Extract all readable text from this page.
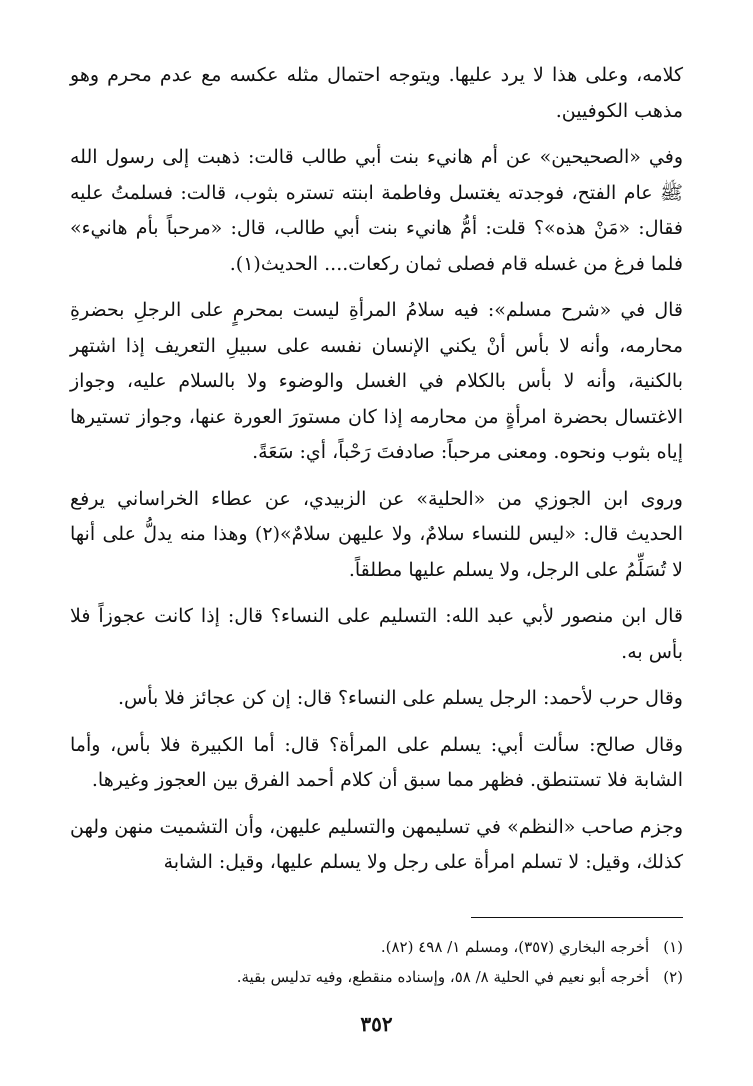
كلامه، وعلى هذا لا يرد عليها. ويتوجه احتمال مثله عكسه مع عدم محرم وهو مذهب الكوفيين.

وفي «الصحيحين» عن أم هانيء بنت أبي طالب قالت: ذهبت إلى رسول الله ﷺ عام الفتح، فوجدته يغتسل وفاطمة ابنته تستره بثوب، قالت: فسلمتُ عليه فقال: «مَنْ هذه»؟ قلت: أمُّ هانيء بنت أبي طالب، قال: «مرحباً بأم هانيء» فلما فرغ من غسله قام فصلى ثمان ركعات.... الحديث(١).

قال في «شرح مسلم»: فيه سلامُ المرأةِ ليست بمحرمٍ على الرجلِ بحضرةِ محارمه، وأنه لا بأس أنْ يكني الإنسان نفسه على سبيلِ التعريف إذا اشتهر بالكنية، وأنه لا بأس بالكلام في الغسل والوضوء ولا بالسلام عليه، وجواز الاغتسال بحضرة امرأةٍ من محارمه إذا كان مستورَ العورة عنها، وجواز تستيرها إياه بثوب ونحوه. ومعنى مرحباً: صادفتَ رَحْباً، أي: سَعَةً.

وروى ابن الجوزي من «الحلية» عن الزبيدي، عن عطاء الخراساني يرفع الحديث قال: «ليس للنساء سلامٌ، ولا عليهن سلامٌ»(٢) وهذا منه يدلُّ على أنها لا تُسَلِّمُ على الرجل، ولا يسلم عليها مطلقاً.

قال ابن منصور لأبي عبد الله: التسليم على النساء؟ قال: إذا كانت عجوزاً فلا بأس به.

وقال حرب لأحمد: الرجل يسلم على النساء؟ قال: إن كن عجائز فلا بأس.

وقال صالح: سألت أبي: يسلم على المرأة؟ قال: أما الكبيرة فلا بأس، وأما الشابة فلا تستنطق. فظهر مما سبق أن كلام أحمد الفرق بين العجوز وغيرها.

وجزم صاحب «النظم» في تسليمهن والتسليم عليهن، وأن التشميت منهن ولهن كذلك، وقيل: لا تسلم امرأة على رجل ولا يسلم عليها، وقيل: الشابة

(١)
أخرجه البخاري (٣٥٧)، ومسلم ١/ ٤٩٨ (٨٢).

(٢)
أخرجه أبو نعيم في الحلية ٨/ ٥٨، وإسناده منقطع، وفيه تدليس بقية.

٣٥٢
